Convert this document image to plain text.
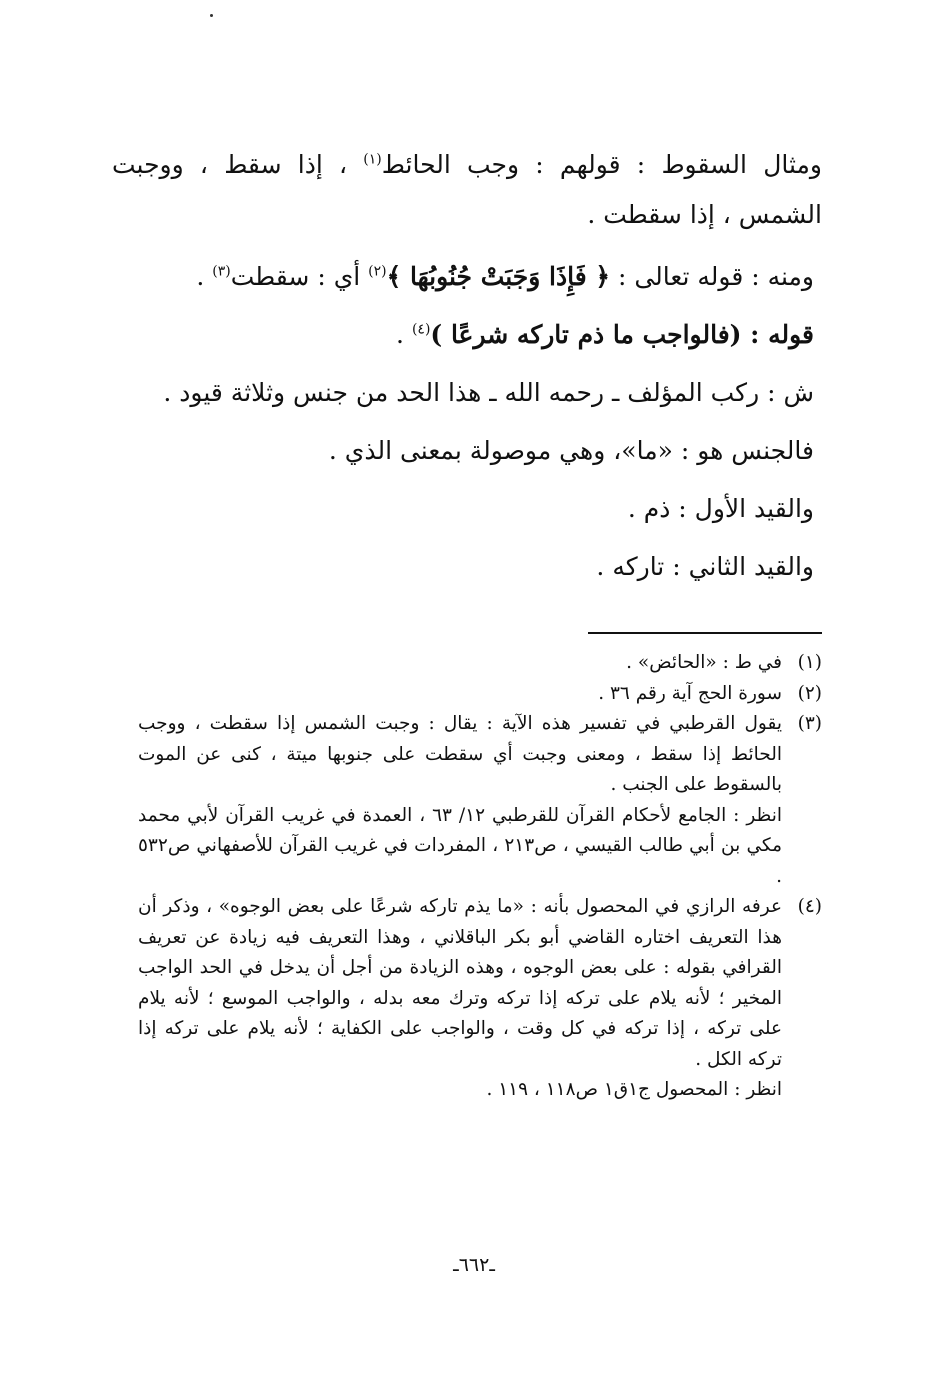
ومثال السقوط : قولهم : وجب الحائط$^{(١)}$ ، إذا سقط ، ووجبت الشمس ، إذا سقطت .

ومنه : قوله تعالى : ﴿ فَإِذَا وَجَبَتْ جُنُوبُهَا ﴾$^{(٢)}$ أي : سقطت$^{(٣)}$ .

قوله : (فالواجب ما ذم تاركه شرعًا )$^{(٤)}$ .

ش : ركب المؤلف ـ رحمه الله ـ هذا الحد من جنس وثلاثة قيود .

فالجنس هو : «ما»، وهي موصولة بمعنى الذي .

والقيد الأول : ذم .

والقيد الثاني : تاركه .

(١)

في ط : «الحائض» .

(٢)

سورة الحج آية رقم ٣٦ .

(٣)

يقول القرطبي في تفسير هذه الآية : يقال : وجبت الشمس إذا سقطت ، ووجب الحائط إذا سقط ، ومعنى وجبت أي سقطت على جنوبها ميتة ، كنى عن الموت بالسقوط على الجنب .

انظر : الجامع لأحكام القرآن للقرطبي ١٢/ ٦٣ ، العمدة في غريب القرآن لأبي محمد مكي بن أبي طالب القيسي ، ص٢١٣ ، المفردات في غريب القرآن للأصفهاني ص٥٣٢ .

(٤)

عرفه الرازي في المحصول بأنه : «ما يذم تاركه شرعًا على بعض الوجوه» ، وذكر أن هذا التعريف اختاره القاضي أبو بكر الباقلاني ، وهذا التعريف فيه زيادة عن تعريف القرافي بقوله : على بعض الوجوه ، وهذه الزيادة من أجل أن يدخل في الحد الواجب المخير ؛ لأنه يلام على تركه إذا تركه وترك معه بدله ، والواجب الموسع ؛ لأنه يلام على تركه ، إذا تركه في كل وقت ، والواجب على الكفاية ؛ لأنه يلام على تركه إذا تركه الكل .

انظر : المحصول ج١ق١ ص١١٨ ، ١١٩ .

ـ٦٦٢ـ
